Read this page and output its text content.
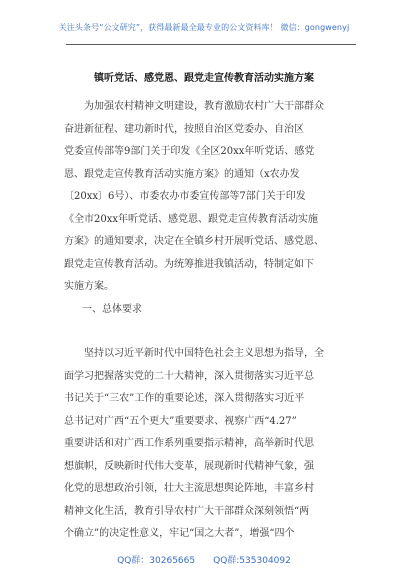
关注头条号“公文研究”，获得最新最全最专业的公文资料库！ 微信：gongwenyj
镇听党话、感党恩、跟党走宣传教育活动实施方案
　　为加强农村精神文明建设，教育激励农村广大干部群众
奋进新征程、建功新时代，按照自治区党委办、自治区
党委宣传部等9部门关于印发《全区20xx年听党话、感党
恩、跟党走宣传教育活动实施方案》的通知（x农办发
〔20xx〕6号）、市委农办市委宣传部等7部门关于印发
《全市20xx年听党话、感党恩、跟党走宣传教育活动实施
方案》的通知要求，决定在全镇乡村开展听党话、感党恩、
跟党走宣传教育活动。为统筹推进我镇活动，特制定如下
实施方案。
一、总体要求
　　坚持以习近平新时代中国特色社会主义思想为指导，全
面学习把握落实党的二十大精神，深入贯彻落实习近平总
书记关于“三农”工作的重要论述，深入贯彻落实习近平
总书记对广西“五个更大”重要要求、视察广西“4.27”
重要讲话和对广西工作系列重要指示精神，高举新时代思
想旗帜，反映新时代伟大变革，展现新时代精神气象，强
化党的思想政治引领，壮大主流思想舆论阵地，丰富乡村
精神文化生活，教育引导农村广大干部群众深刻领悟“两
个确立”的决定性意义，牢记“国之大者”，增强“四个
QQ群：30265665 QQ群:535304092
